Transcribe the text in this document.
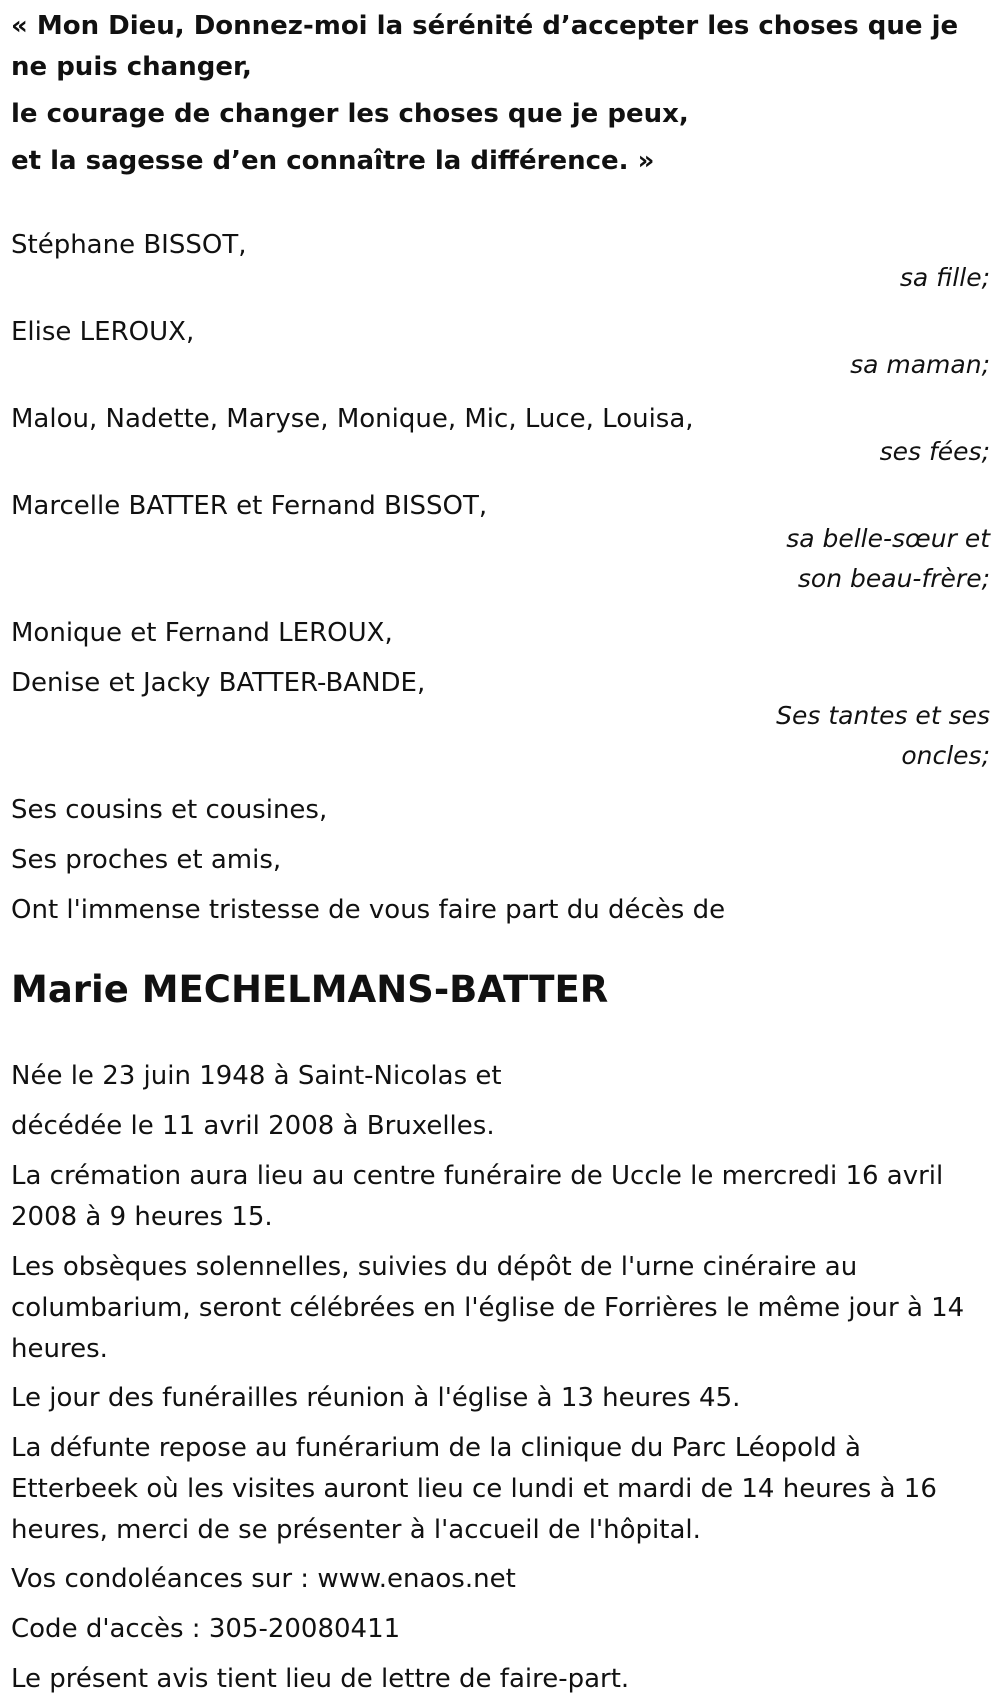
« Mon Dieu, Donnez-moi la sérénité d’accepter les choses que je ne puis changer,

le courage de changer les choses que je peux,

et la sagesse d’en connaître la différence. »

Stéphane BISSOT,

sa fille;

Elise LEROUX,

sa maman;

Malou, Nadette, Maryse, Monique, Mic, Luce, Louisa,

ses fées;

Marcelle BATTER et Fernand BISSOT,

sa belle-sœur et

son beau-frère;

Monique et Fernand LEROUX,

Denise et Jacky BATTER-BANDE,

Ses tantes et ses

oncles;

Ses cousins et cousines,

Ses proches et amis,

Ont l'immense tristesse de vous faire part du décès de

Marie MECHELMANS-BATTER

Née le 23 juin 1948 à Saint-Nicolas et

décédée le 11 avril 2008 à Bruxelles.

La crémation aura lieu au centre funéraire de Uccle le mercredi 16 avril 2008 à 9 heures 15.

Les obsèques solennelles, suivies du dépôt de l'urne cinéraire au columbarium, seront célébrées en l'église de Forrières le même jour à 14 heures.

Le jour des funérailles réunion à l'église à 13 heures 45.

La défunte repose au funérarium de la clinique du Parc Léopold à Etterbeek où les visites auront lieu ce lundi et mardi de 14 heures à 16 heures, merci de se présenter à l'accueil de l'hôpital.

Vos condoléances sur : www.enaos.net

Code d'accès : 305-20080411

Le présent avis tient lieu de lettre de faire-part.
